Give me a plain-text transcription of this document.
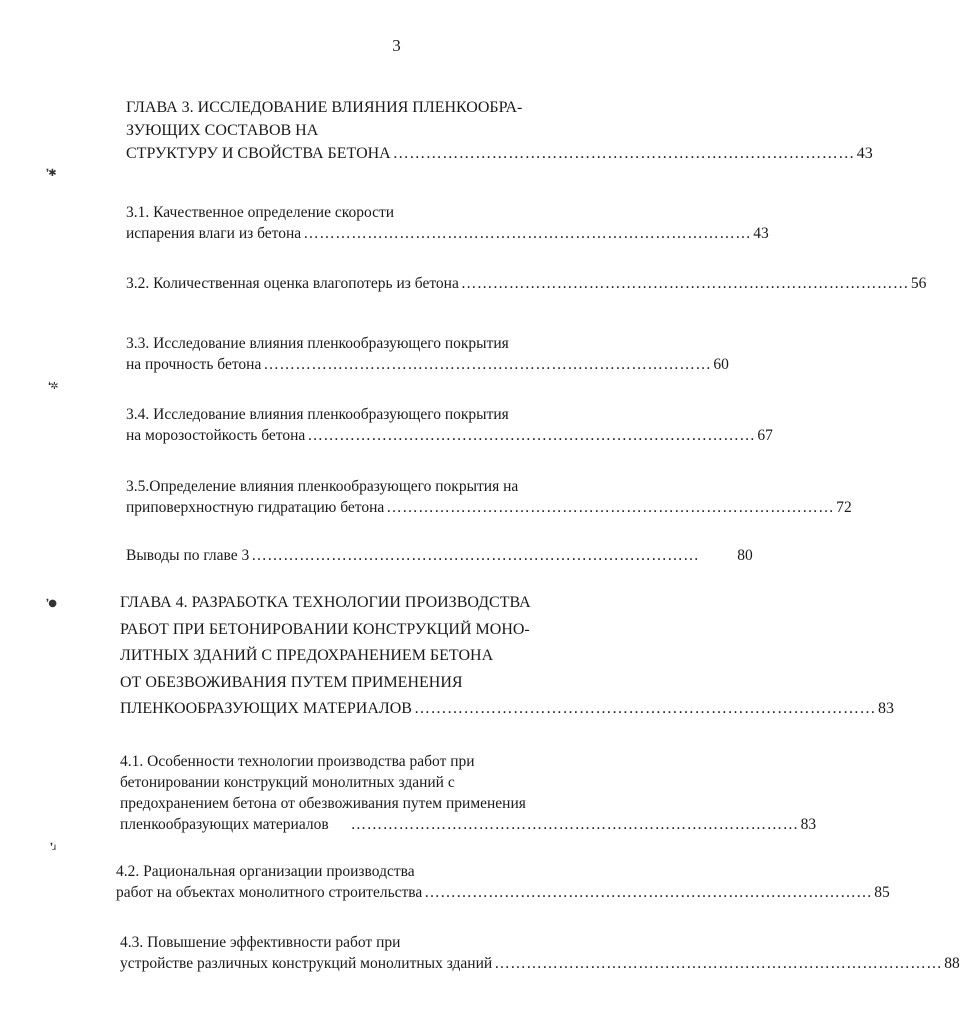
3
ГЛАВА 3. ИССЛЕДОВАНИЕ ВЛИЯНИЯ ПЛЕНКООБРА-
ЗУЮЩИХ СОСТАВОВ НА
СТРУКТУРУ И СВОЙСТВА БЕТОНА ………………………………………………………………………… 43
3.1. Качественное определение скорости
испарения влаги из бетона ………………………………………………………………………… 43
3.2. Количественная оценка влагопотерь из бетона ………………………………………………………………………… 56
3.3. Исследование влияния пленкообразующего покрытия
на прочность бетона ………………………………………………………………………… 60
3.4. Исследование влияния пленкообразующего покрытия
на морозостойкость бетона ………………………………………………………………………… 67
3.5.Определение влияния пленкообразующего покрытия на
приповерхностную гидратацию бетона ………………………………………………………………………… 72
Выводы по главе 3 ………………………………………………………………………… 80
ГЛАВА 4. РАЗРАБОТКА ТЕХНОЛОГИИ ПРОИЗВОДСТВА
РАБОТ ПРИ БЕТОНИРОВАНИИ КОНСТРУКЦИЙ МОНО-
ЛИТНЫХ ЗДАНИЙ С ПРЕДОХРАНЕНИЕМ БЕТОНА
ОТ ОБЕЗВОЖИВАНИЯ ПУТЕМ ПРИМЕНЕНИЯ
ПЛЕНКООБРАЗУЮЩИХ МАТЕРИАЛОВ ………………………………………………………………………… 83
4.1. Особенности технологии производства работ при
бетонировании конструкций монолитных зданий с
предохранением бетона от обезвоживания путем применения
пленкообразующих материалов	………………………………………………………………………… 83
4.2. Рациональная организации производства
работ на объектах монолитного строительства ………………………………………………………………………… 85
4.3. Повышение эффективности работ при
устройстве различных конструкций монолитных зданий ………………………………………………………………………… 88
❜✱
❛✲
❜●
❜ɹ
